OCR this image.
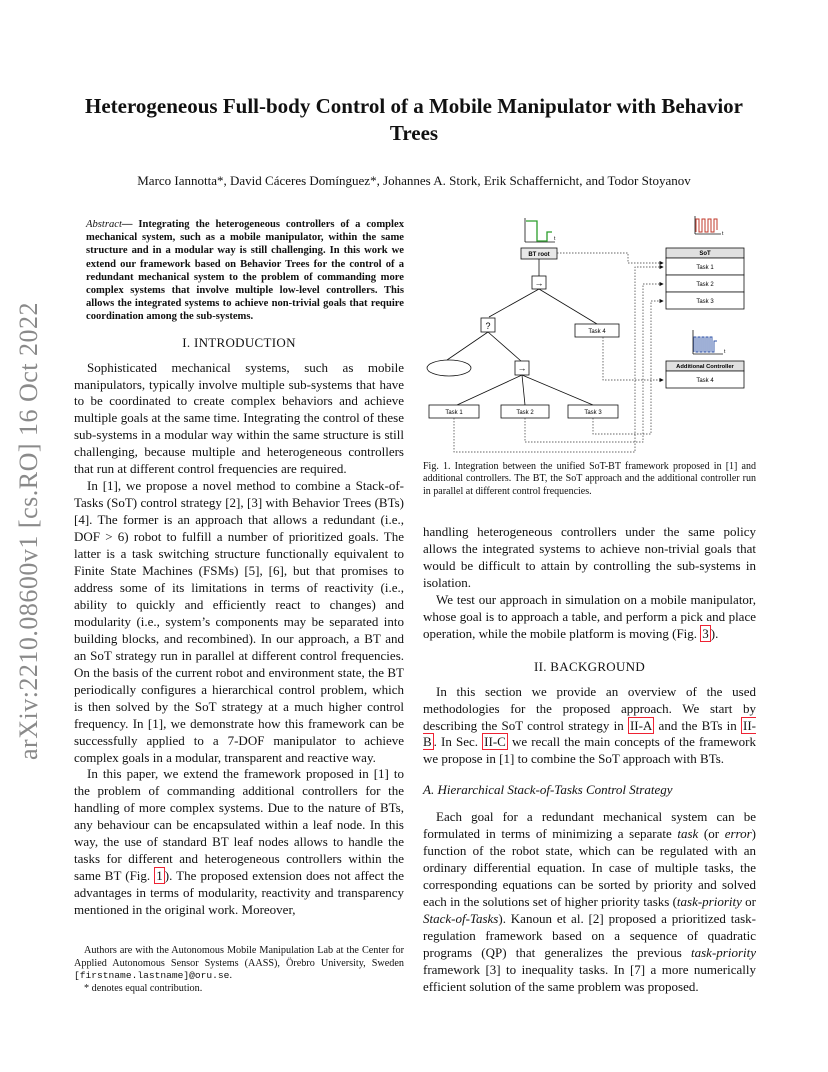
arXiv:2210.08600v1 [cs.RO] 16 Oct 2022
Heterogeneous Full-body Control of a Mobile Manipulator with Behavior Trees
Marco Iannotta*, David Cáceres Domínguez*, Johannes A. Stork, Erik Schaffernicht, and Todor Stoyanov
Abstract— Integrating the heterogeneous controllers of a complex mechanical system, such as a mobile manipulator, within the same structure and in a modular way is still challenging. In this work we extend our framework based on Behavior Trees for the control of a redundant mechanical system to the problem of commanding more complex systems that involve multiple low-level controllers. This allows the integrated systems to achieve non-trivial goals that require coordination among the sub-systems.
I. INTRODUCTION

Sophisticated mechanical systems, such as mobile manipulators, typically involve multiple sub-systems that have to be coordinated to create complex behaviors and achieve multiple goals at the same time. Integrating the control of these sub-systems in a modular way within the same structure is still challenging, because multiple and heterogeneous controllers that run at different control frequencies are required.

In [1], we propose a novel method to combine a Stack-of-Tasks (SoT) control strategy [2], [3] with Behavior Trees (BTs) [4]. The former is an approach that allows a redundant (i.e., DOF > 6) robot to fulfill a number of prioritized goals. The latter is a task switching structure functionally equivalent to Finite State Machines (FSMs) [5], [6], but that promises to address some of its limitations in terms of reactivity (i.e., ability to quickly and efficiently react to changes) and modularity (i.e., system’s components may be separated into building blocks, and recombined). In our approach, a BT and an SoT strategy run in parallel at different control frequencies. On the basis of the current robot and environment state, the BT periodically configures a hierarchical control problem, which is then solved by the SoT strategy at a much higher control frequency. In [1], we demonstrate how this framework can be successfully applied to a 7-DOF manipulator to achieve complex goals in a modular, transparent and reactive way.

In this paper, we extend the framework proposed in [1] to the problem of commanding additional controllers for the handling of more complex systems. Due to the nature of BTs, any behaviour can be encapsulated within a leaf node. In this way, the use of standard BT leaf nodes allows to handle the tasks for different and heterogeneous controllers within the same BT (Fig. 1 ). The proposed extension does not affect the advantages in terms of modularity, reactivity and transparency mentioned in the original work. Moreover,

Authors are with the Autonomous Mobile Manipulation Lab at the Center for Applied Autonomous Sensor Systems (AASS), Örebro University, Sweden [firstname.lastname]@oru.se.

* denotes equal contribution.

t
BT root
→
?
Task 4
→
Task 1	Task 2	Task 3
t
SoT
Task 1
Task 2
Task 3
t
Additional Controller
Task 4
Fig. 1. Integration between the unified SoT-BT framework proposed in [1] and additional controllers. The BT, the SoT approach and the additional controller run in parallel at different control frequencies.

handling heterogeneous controllers under the same policy allows the integrated systems to achieve non-trivial goals that would be difficult to attain by controlling the sub-systems in isolation.

We test our approach in simulation on a mobile manipulator, whose goal is to approach a table, and perform a pick and place operation, while the mobile platform is moving (Fig. 3 ).

II. BACKGROUND

In this section we provide an overview of the used methodologies for the proposed approach. We start by describing the SoT control strategy in II-A and the BTs in II-B . In Sec. II-C we recall the main concepts of the framework we propose in [1] to combine the SoT approach with BTs.

A. Hierarchical Stack-of-Tasks Control Strategy

Each goal for a redundant mechanical system can be formulated in terms of minimizing a separate task (or error) function of the robot state, which can be regulated with an ordinary differential equation. In case of multiple tasks, the corresponding equations can be sorted by priority and solved each in the solutions set of higher priority tasks (task-priority or Stack-of-Tasks). Kanoun et al. [2] proposed a prioritized task-regulation framework based on a sequence of quadratic programs (QP) that generalizes the previous task-priority framework [3] to inequality tasks. In [7] a more numerically efficient solution of the same problem was proposed.
